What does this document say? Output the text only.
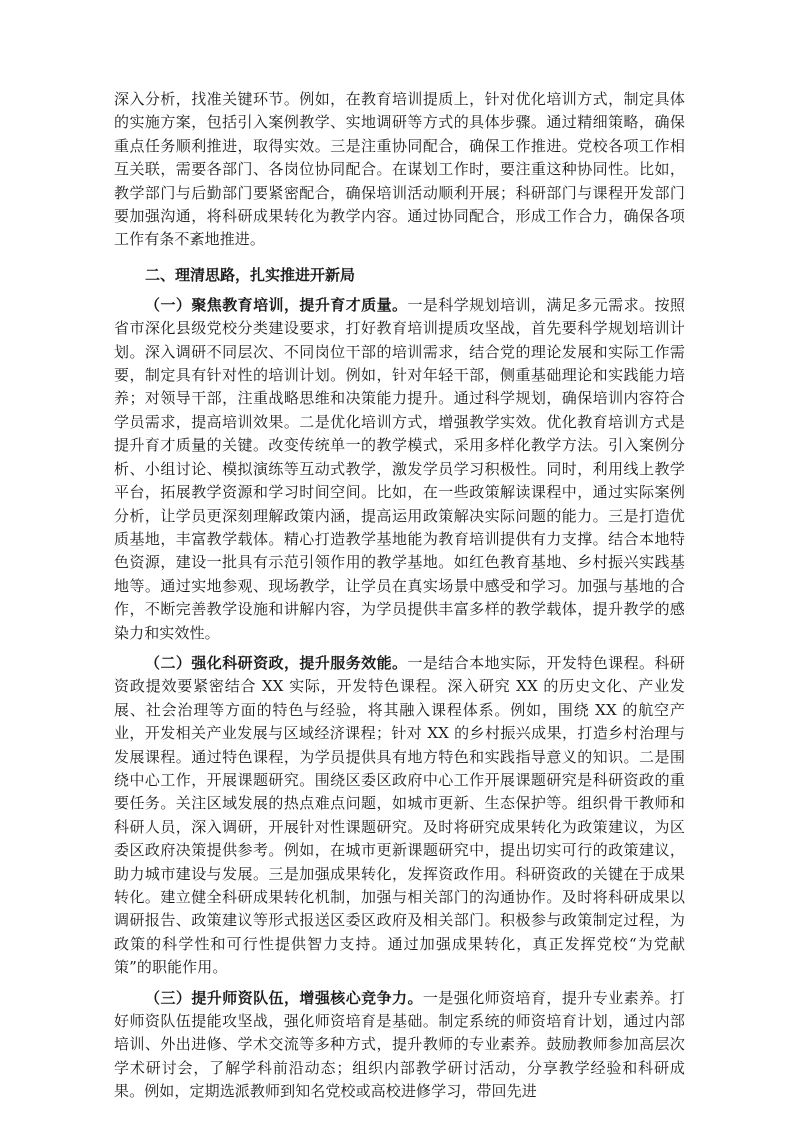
深入分析，找准关键环节。例如，在教育培训提质上，针对优化培训方式，制定具体的实施方案，包括引入案例教学、实地调研等方式的具体步骤。通过精细策略，确保重点任务顺利推进，取得实效。三是注重协同配合，确保工作推进。党校各项工作相互关联，需要各部门、各岗位协同配合。在谋划工作时，要注重这种协同性。比如，教学部门与后勤部门要紧密配合，确保培训活动顺利开展；科研部门与课程开发部门要加强沟通，将科研成果转化为教学内容。通过协同配合，形成工作合力，确保各项工作有条不紊地推进。

二、理清思路，扎实推进开新局

（一）聚焦教育培训，提升育才质量。一是科学规划培训，满足多元需求。按照省市深化县级党校分类建设要求，打好教育培训提质攻坚战，首先要科学规划培训计划。深入调研不同层次、不同岗位干部的培训需求，结合党的理论发展和实际工作需要，制定具有针对性的培训计划。例如，针对年轻干部，侧重基础理论和实践能力培养；对领导干部，注重战略思维和决策能力提升。通过科学规划，确保培训内容符合学员需求，提高培训效果。二是优化培训方式，增强教学实效。优化教育培训方式是提升育才质量的关键。改变传统单一的教学模式，采用多样化教学方法。引入案例分析、小组讨论、模拟演练等互动式教学，激发学员学习积极性。同时，利用线上教学平台，拓展教学资源和学习时间空间。比如，在一些政策解读课程中，通过实际案例分析，让学员更深刻理解政策内涵，提高运用政策解决实际问题的能力。三是打造优质基地，丰富教学载体。精心打造教学基地能为教育培训提供有力支撑。结合本地特色资源，建设一批具有示范引领作用的教学基地。如红色教育基地、乡村振兴实践基地等。通过实地参观、现场教学，让学员在真实场景中感受和学习。加强与基地的合作，不断完善教学设施和讲解内容，为学员提供丰富多样的教学载体，提升教学的感染力和实效性。

（二）强化科研资政，提升服务效能。一是结合本地实际，开发特色课程。科研资政提效要紧密结合 XX 实际，开发特色课程。深入研究 XX 的历史文化、产业发展、社会治理等方面的特色与经验，将其融入课程体系。例如，围绕 XX 的航空产业，开发相关产业发展与区域经济课程；针对 XX 的乡村振兴成果，打造乡村治理与发展课程。通过特色课程，为学员提供具有地方特色和实践指导意义的知识。二是围绕中心工作，开展课题研究。围绕区委区政府中心工作开展课题研究是科研资政的重要任务。关注区域发展的热点难点问题，如城市更新、生态保护等。组织骨干教师和科研人员，深入调研，开展针对性课题研究。及时将研究成果转化为政策建议，为区委区政府决策提供参考。例如，在城市更新课题研究中，提出切实可行的政策建议，助力城市建设与发展。三是加强成果转化，发挥资政作用。科研资政的关键在于成果转化。建立健全科研成果转化机制，加强与相关部门的沟通协作。及时将科研成果以调研报告、政策建议等形式报送区委区政府及相关部门。积极参与政策制定过程，为政策的科学性和可行性提供智力支持。通过加强成果转化，真正发挥党校“为党献策”的职能作用。

（三）提升师资队伍，增强核心竞争力。一是强化师资培育，提升专业素养。打好师资队伍提能攻坚战，强化师资培育是基础。制定系统的师资培育计划，通过内部培训、外出进修、学术交流等多种方式，提升教师的专业素养。鼓励教师参加高层次学术研讨会，了解学科前沿动态；组织内部教学研讨活动，分享教学经验和科研成果。例如，定期选派教师到知名党校或高校进修学习，带回先进
